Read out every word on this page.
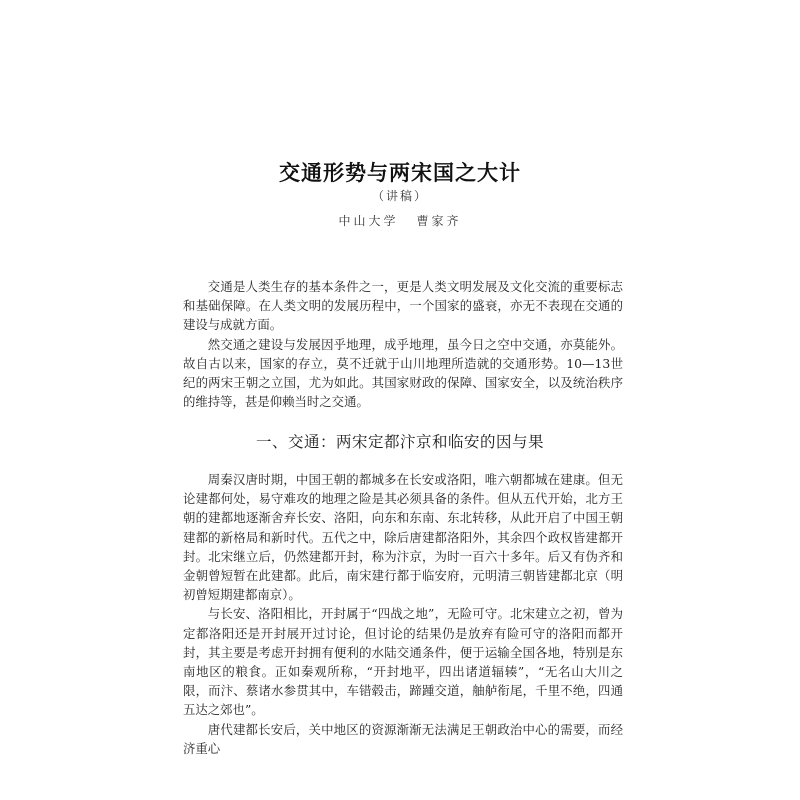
交通形势与两宋国之大计
（讲稿）
中山大学 曹家齐

交通是人类生存的基本条件之一，更是人类文明发展及文化交流的重要标志和基础保障。在人类文明的发展历程中，一个国家的盛衰，亦无不表现在交通的建设与成就方面。

然交通之建设与发展因乎地理，成乎地理，虽今日之空中交通，亦莫能外。故自古以来，国家的存立，莫不迁就于山川地理所造就的交通形势。10—13世纪的两宋王朝之立国，尤为如此。其国家财政的保障、国家安全，以及统治秩序的维持等，甚是仰赖当时之交通。

一、交通：两宋定都汴京和临安的因与果

周秦汉唐时期，中国王朝的都城多在长安或洛阳，唯六朝都城在建康。但无论建都何处，易守难攻的地理之险是其必须具备的条件。但从五代开始，北方王朝的建都地逐渐舍弃长安、洛阳，向东和东南、东北转移，从此开启了中国王朝建都的新格局和新时代。五代之中，除后唐建都洛阳外，其余四个政权皆建都开封。北宋继立后，仍然建都开封，称为汴京，为时一百六十多年。后又有伪齐和金朝曾短暂在此建都。此后，南宋建行都于临安府，元明清三朝皆建都北京（明初曾短期建都南京）。

与长安、洛阳相比，开封属于“四战之地”，无险可守。北宋建立之初，曾为定都洛阳还是开封展开过讨论，但讨论的结果仍是放弃有险可守的洛阳而都开封，其主要是考虑开封拥有便利的水陆交通条件，便于运输全国各地，特别是东南地区的粮食。正如秦观所称，“开封地平，四出诸道辐辏”，“无名山大川之限，而汴、蔡诸水参贯其中，车错毂击，蹄踵交道，舳舻衔尾，千里不绝，四通五达之郊也”。

唐代建都长安后，关中地区的资源渐渐无法满足王朝政治中心的需要，而经济重心
